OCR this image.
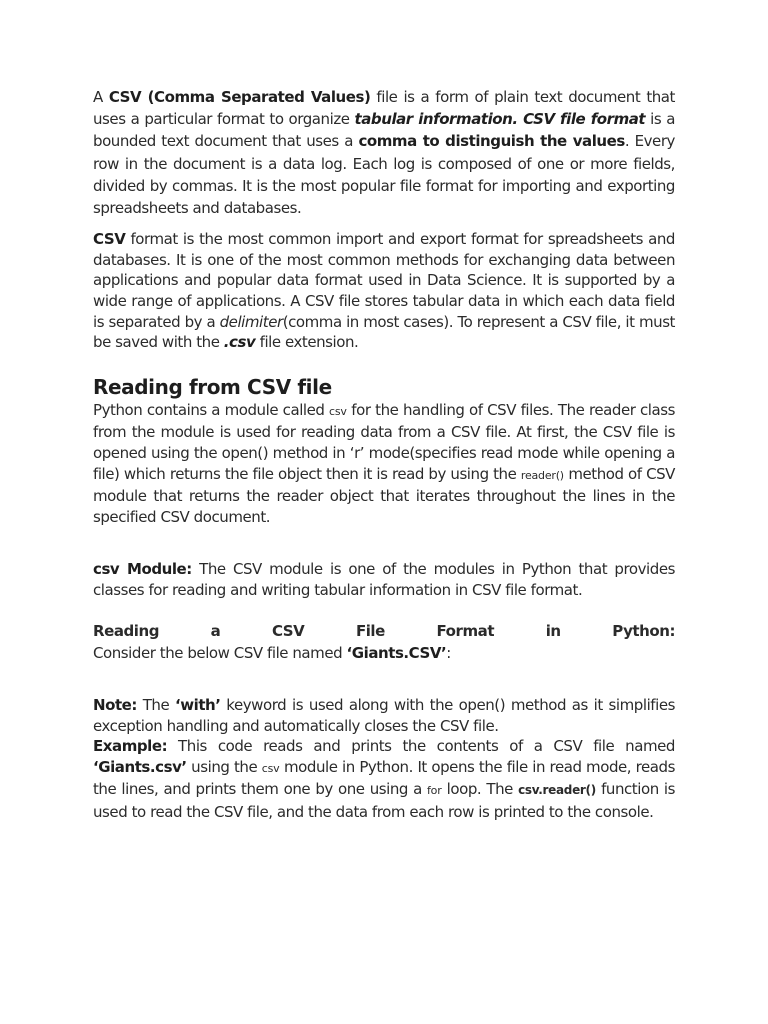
A CSV (Comma Separated Values) file is a form of plain text document that uses a particular format to organize tabular information. CSV file format is a bounded text document that uses a comma to distinguish the values. Every row in the document is a data log. Each log is composed of one or more fields, divided by commas. It is the most popular file format for importing and exporting spreadsheets and databases.

CSV format is the most common import and export format for spreadsheets and databases. It is one of the most common methods for exchanging data between applications and popular data format used in Data Science. It is supported by a wide range of applications. A CSV file stores tabular data in which each data field is separated by a delimiter(comma in most cases). To represent a CSV file, it must be saved with the .csv file extension.

Reading from CSV file

Python contains a module called csv for the handling of CSV files. The reader class from the module is used for reading data from a CSV file. At first, the CSV file is opened using the open() method in ‘r’ mode(specifies read mode while opening a file) which returns the file object then it is read by using the reader() method of CSV module that returns the reader object that iterates throughout the lines in the specified CSV document.

csv Module: The CSV module is one of the modules in Python that provides classes for reading and writing tabular information in CSV file format.

Reading a CSV File Format in Python:
Consider the below CSV file named ‘Giants.CSV’:

Note: The ‘with’ keyword is used along with the open() method as it simplifies exception handling and automatically closes the CSV file.

Example: This code reads and prints the contents of a CSV file named ‘Giants.csv’ using the csv module in Python. It opens the file in read mode, reads the lines, and prints them one by one using a for loop. The csv.reader() function is used to read the CSV file, and the data from each row is printed to the console.
